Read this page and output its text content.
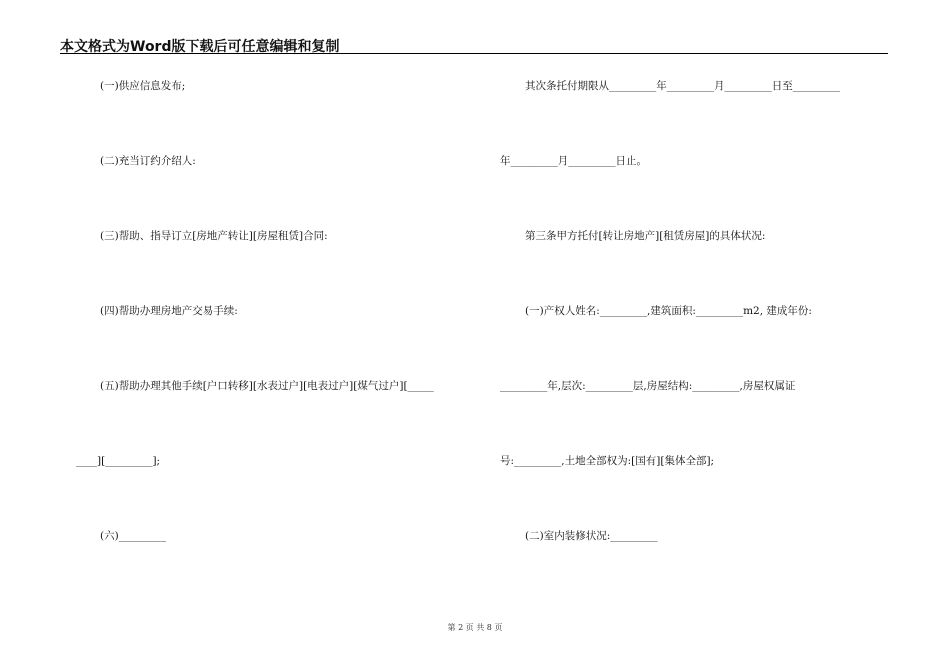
本文格式为Word版下载后可任意编辑和复制
(一)供应信息发布;
(二)充当订约介绍人:
(三)帮助、指导订立[房地产转让][房屋租赁]合同:
(四)帮助办理房地产交易手续:
(五)帮助办理其他手续[户口转移][水表过户][电表过户][煤气过户][_____
____][_________];
(六)_________
其次条托付期限从_________年_________月_________日至_________
年_________月_________日止。
第三条甲方托付[转让房地产][租赁房屋]的具体状况:
(一)产权人姓名:_________,建筑面积:_________m2, 建成年份:
_________年,层次:_________层,房屋结构:_________,房屋权属证
号:_________,土地全部权为:[国有][集体全部];
(二)室内装修状况:_________
第 2 页 共 8 页
